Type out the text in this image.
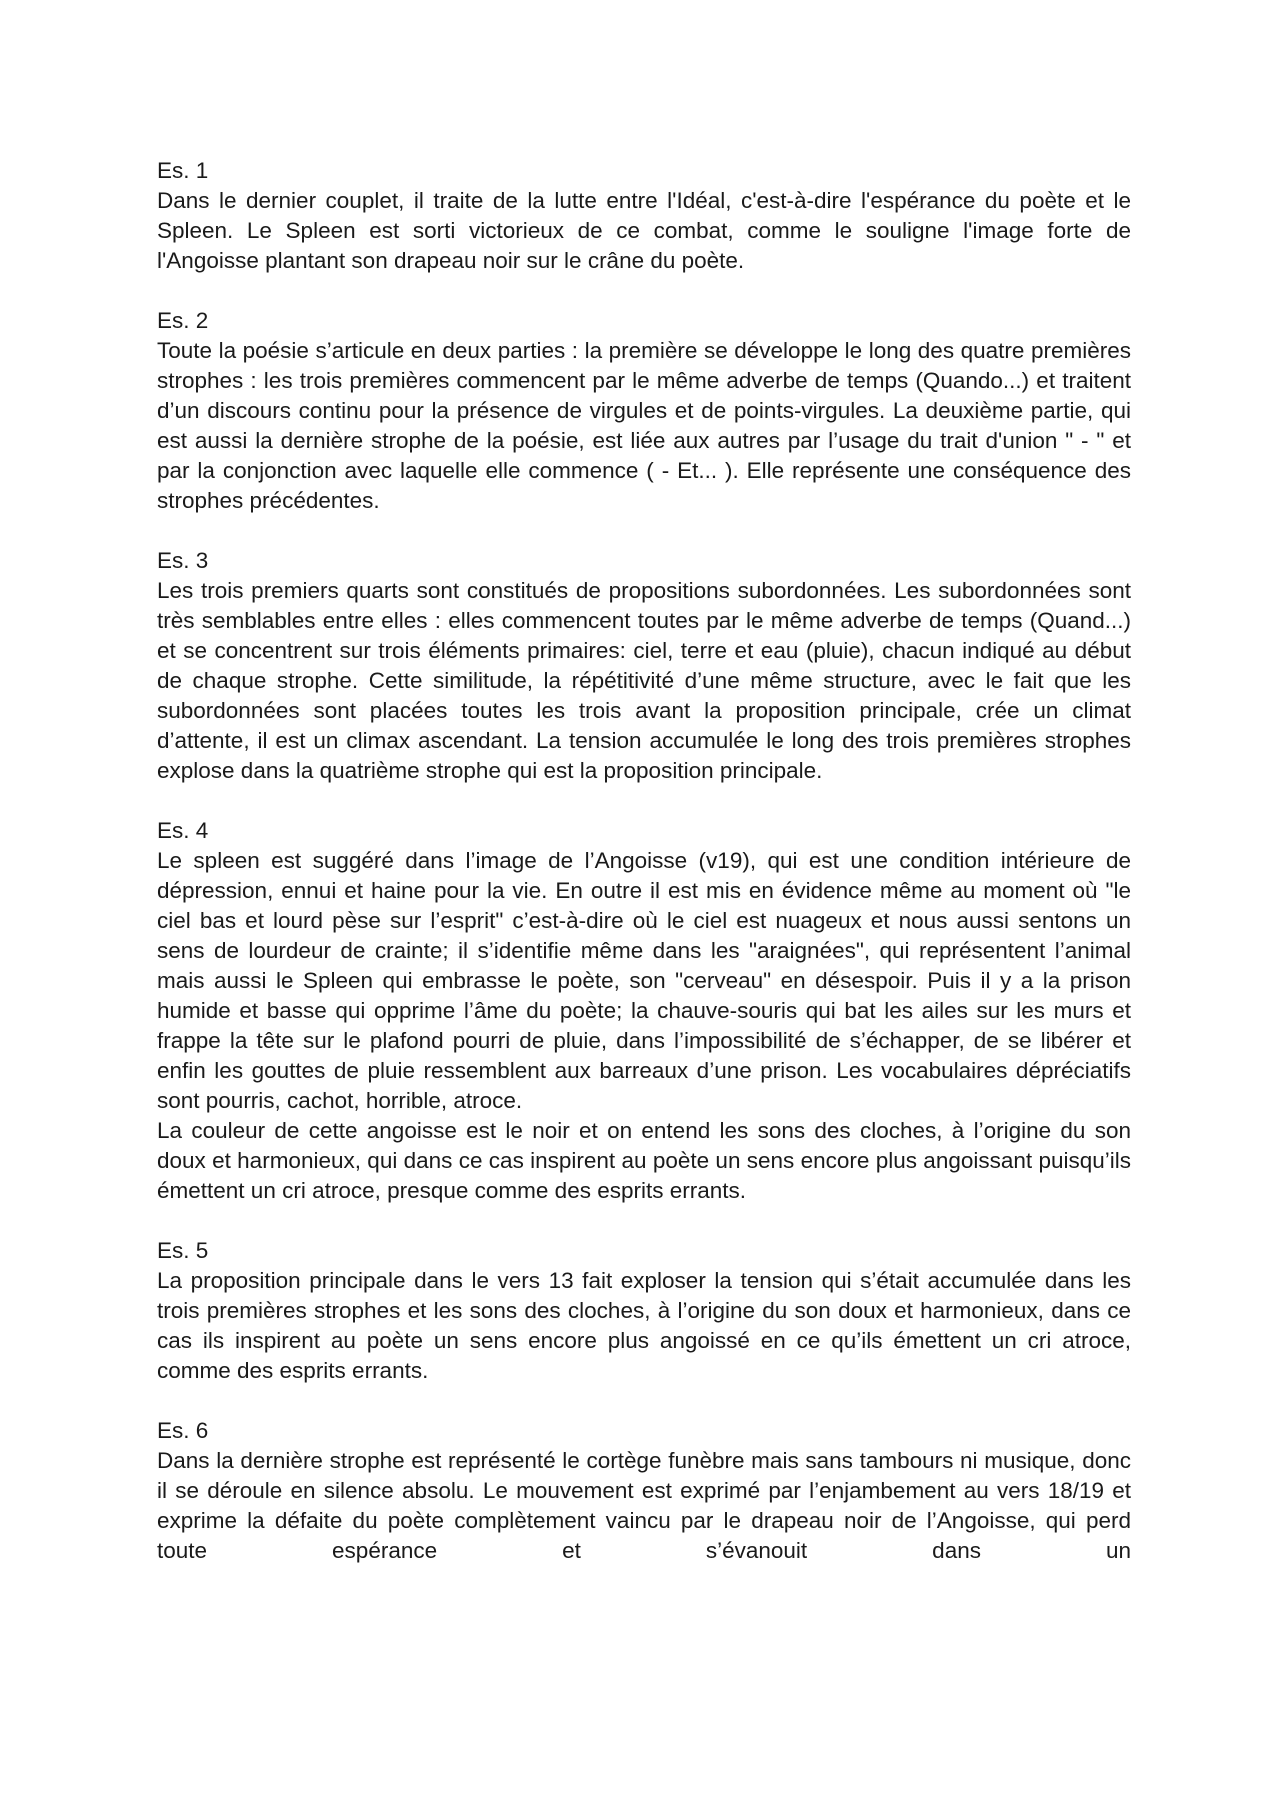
Es. 1

Dans le dernier couplet, il traite de la lutte entre l'Idéal, c'est-à-dire l'espérance du poète et le Spleen. Le Spleen est sorti victorieux de ce combat, comme le souligne l'image forte de l'Angoisse plantant son drapeau noir sur le crâne du poète.

Es. 2

Toute la poésie s’articule en deux parties : la première se développe le long des quatre premières strophes : les trois premières commencent par le même adverbe de temps (Quando...) et traitent d’un discours continu pour la présence de virgules et de points-virgules. La deuxième partie, qui est aussi la dernière strophe de la poésie, est liée aux autres par l’usage du trait d'union " - " et par la conjonction avec laquelle elle commence ( - Et... ). Elle représente une conséquence des strophes précédentes.

Es. 3

Les trois premiers quarts sont constitués de propositions subordonnées. Les subordonnées sont très semblables entre elles : elles commencent toutes par le même adverbe de temps (Quand...) et se concentrent sur trois éléments primaires: ciel, terre et eau (pluie), chacun indiqué au début de chaque strophe. Cette similitude, la répétitivité d’une même structure, avec le fait que les subordonnées sont placées toutes les trois avant la proposition principale, crée un climat d’attente, il est un climax ascendant. La tension accumulée le long des trois premières strophes explose dans la quatrième strophe qui est la proposition principale.

Es. 4

Le spleen est suggéré dans l’image de l’Angoisse (v19), qui est une condition intérieure de dépression, ennui et haine pour la vie. En outre il est mis en évidence même au moment où "le ciel bas et lourd pèse sur l’esprit" c’est-à-dire où le ciel est nuageux et nous aussi sentons un sens de lourdeur de crainte; il s’identifie même dans les "araignées", qui représentent l’animal mais aussi le Spleen qui embrasse le poète, son "cerveau" en désespoir. Puis il y a la prison humide et basse qui opprime l’âme du poète; la chauve-souris qui bat les ailes sur les murs et frappe la tête sur le plafond pourri de pluie, dans l’impossibilité de s’échapper, de se libérer et enfin les gouttes de pluie ressemblent aux barreaux d’une prison. Les vocabulaires dépréciatifs sont pourris, cachot, horrible, atroce.

La couleur de cette angoisse est le noir et on entend les sons des cloches, à l’origine du son doux et harmonieux, qui dans ce cas inspirent au poète un sens encore plus angoissant puisqu’ils émettent un cri atroce, presque comme des esprits errants.

Es. 5

La proposition principale dans le vers 13 fait exploser la tension qui s’était accumulée dans les trois premières strophes et les sons des cloches, à l’origine du son doux et harmonieux, dans ce cas ils inspirent au poète un sens encore plus angoissé en ce qu’ils émettent un cri atroce, comme des esprits errants.

Es. 6

Dans la dernière strophe est représenté le cortège funèbre mais sans tambours ni musique, donc il se déroule en silence absolu. Le mouvement est exprimé par l’enjambement au vers 18/19 et exprime la défaite du poète complètement vaincu par le drapeau noir de l’Angoisse, qui perd toute espérance et s’évanouit dans un
